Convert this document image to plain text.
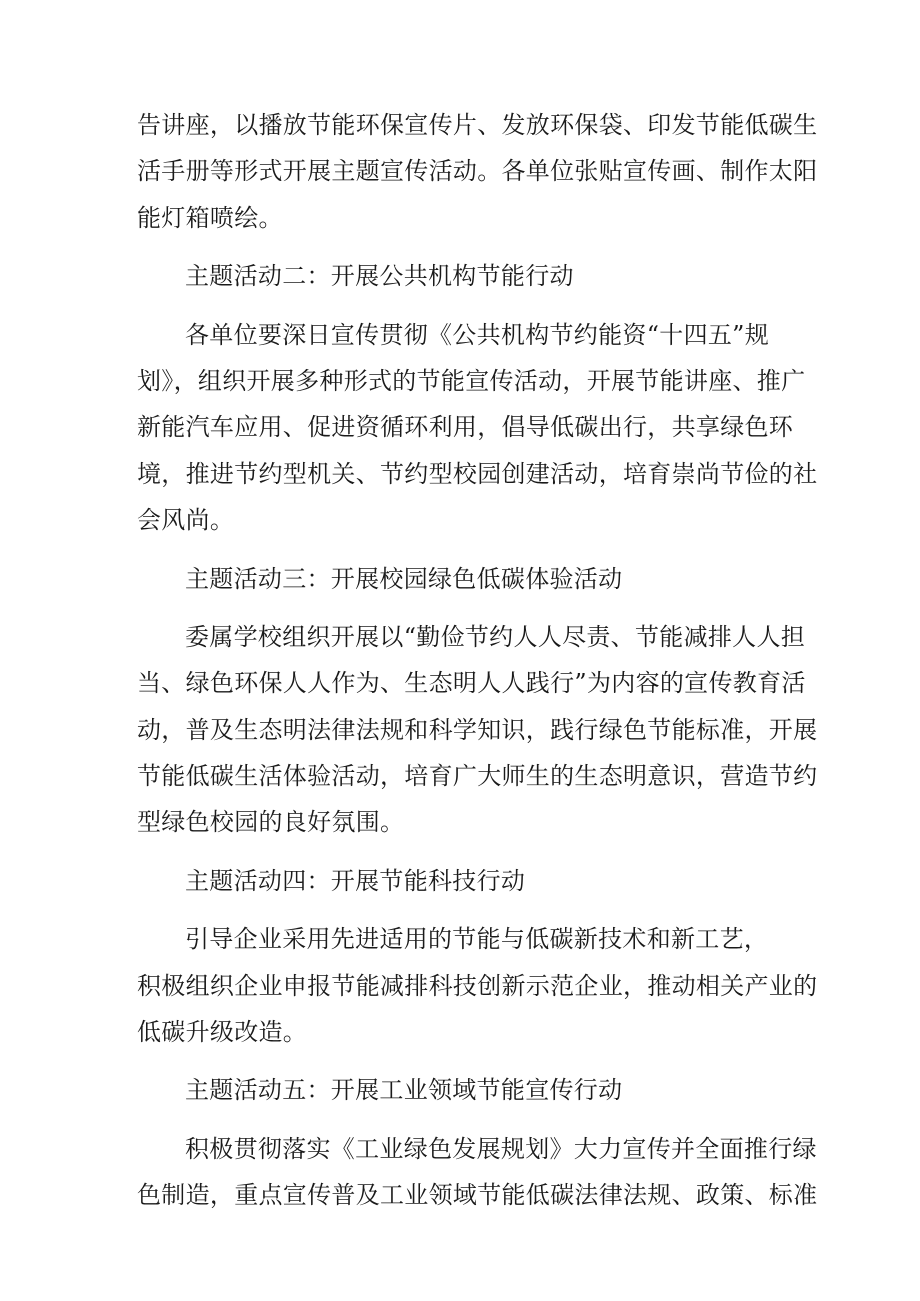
告讲座，以播放节能环保宣传片、发放环保袋、印发节能低碳生
活手册等形式开展主题宣传活动。各单位张贴宣传画、制作太阳
能灯箱喷绘。
主题活动二：开展公共机构节能行动
各单位要深日宣传贯彻《公共机构节约能资“十四五”规
划》，组织开展多种形式的节能宣传活动，开展节能讲座、推广
新能汽车应用、促进资循环利用，倡导低碳出行，共享绿色环
境，推进节约型机关、节约型校园创建活动，培育崇尚节俭的社
会风尚。
主题活动三：开展校园绿色低碳体验活动
委属学校组织开展以“勤俭节约人人尽责、节能减排人人担
当、绿色环保人人作为、生态明人人践行”为内容的宣传教育活
动，普及生态明法律法规和科学知识，践行绿色节能标准，开展
节能低碳生活体验活动，培育广大师生的生态明意识，营造节约
型绿色校园的良好氛围。
主题活动四：开展节能科技行动
引导企业采用先进适用的节能与低碳新技术和新工艺，
积极组织企业申报节能减排科技创新示范企业，推动相关产业的
低碳升级改造。
主题活动五：开展工业领域节能宣传行动
积极贯彻落实《工业绿色发展规划》大力宣传并全面推行绿
色制造，重点宣传普及工业领域节能低碳法律法规、政策、标准
